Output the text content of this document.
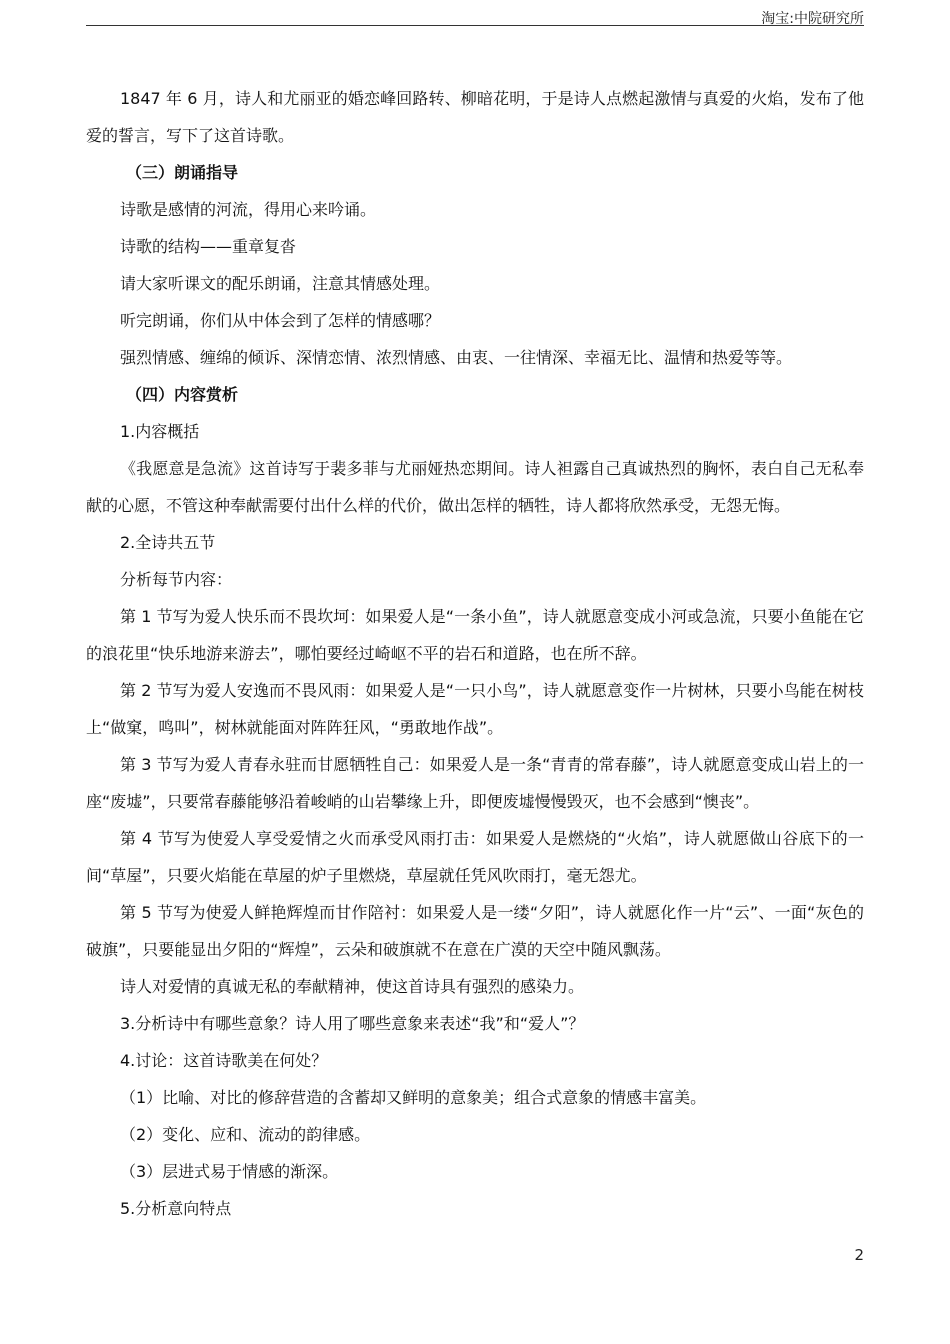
淘宝:中院研究所

1847 年 6 月，诗人和尤丽亚的婚恋峰回路转、柳暗花明，于是诗人点燃起激情与真爱的火焰，发布了他爱的誓言，写下了这首诗歌。

（三）朗诵指导

诗歌是感情的河流，得用心来吟诵。

诗歌的结构——重章复沓

请大家听课文的配乐朗诵，注意其情感处理。

听完朗诵，你们从中体会到了怎样的情感哪？

强烈情感、缠绵的倾诉、深情恋情、浓烈情感、由衷、一往情深、幸福无比、温情和热爱等等。

（四）内容赏析

1.内容概括

《我愿意是急流》这首诗写于裴多菲与尤丽娅热恋期间。诗人袒露自己真诚热烈的胸怀，表白自己无私奉献的心愿，不管这种奉献需要付出什么样的代价，做出怎样的牺牲，诗人都将欣然承受，无怨无悔。

2.全诗共五节

分析每节内容：

第 1 节写为爱人快乐而不畏坎坷：如果爱人是“一条小鱼”，诗人就愿意变成小河或急流，只要小鱼能在它的浪花里“快乐地游来游去”，哪怕要经过崎岖不平的岩石和道路，也在所不辞。

第 2 节写为爱人安逸而不畏风雨：如果爱人是“一只小鸟”，诗人就愿意变作一片树林，只要小鸟能在树枝上“做窠，鸣叫”，树林就能面对阵阵狂风，“勇敢地作战”。

第 3 节写为爱人青春永驻而甘愿牺牲自己：如果爱人是一条“青青的常春藤”，诗人就愿意变成山岩上的一座“废墟”，只要常春藤能够沿着峻峭的山岩攀缘上升，即便废墟慢慢毁灭，也不会感到“懊丧”。

第 4 节写为使爱人享受爱情之火而承受风雨打击：如果爱人是燃烧的“火焰”，诗人就愿做山谷底下的一间“草屋”，只要火焰能在草屋的炉子里燃烧，草屋就任凭风吹雨打，毫无怨尤。

第 5 节写为使爱人鲜艳辉煌而甘作陪衬：如果爱人是一缕“夕阳”，诗人就愿化作一片“云”、一面“灰色的破旗”，只要能显出夕阳的“辉煌”，云朵和破旗就不在意在广漠的天空中随风飘荡。

诗人对爱情的真诚无私的奉献精神，使这首诗具有强烈的感染力。

3.分析诗中有哪些意象？诗人用了哪些意象来表述“我”和“爱人”？

4.讨论：这首诗歌美在何处？

（1）比喻、对比的修辞营造的含蓄却又鲜明的意象美；组合式意象的情感丰富美。

（2）变化、应和、流动的韵律感。

（3）层进式易于情感的渐深。

5.分析意向特点

2
